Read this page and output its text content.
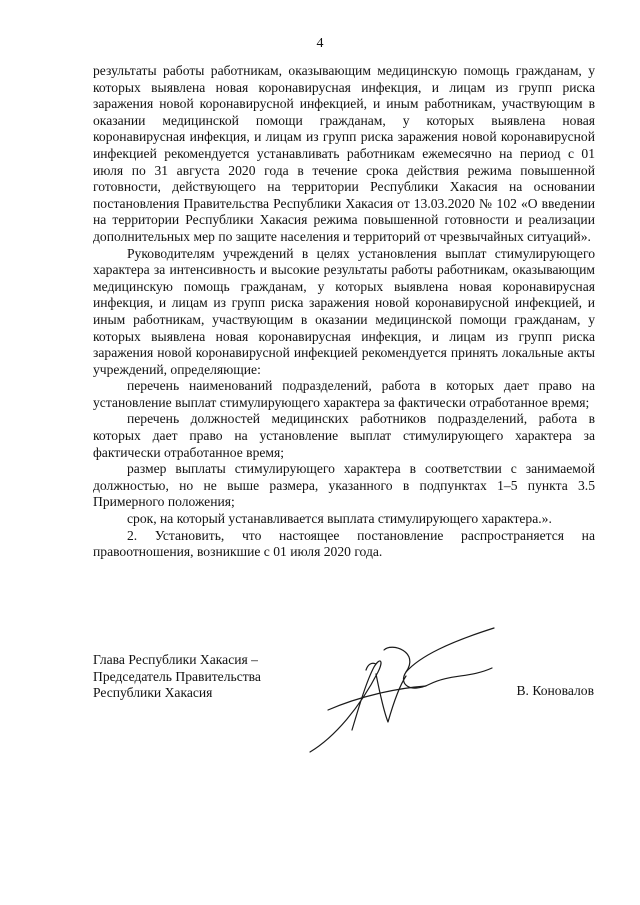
4

результаты работы работникам, оказывающим медицинскую помощь гражданам, у которых выявлена новая коронавирусная инфекция, и лицам из групп риска заражения новой коронавирусной инфекцией, и иным работникам, участвующим в оказании медицинской помощи гражданам, у которых выявлена новая коронавирусная инфекция, и лицам из групп риска заражения новой коронавирусной инфекцией рекомендуется устанавливать работникам ежемесячно на период с 01 июля по 31 августа 2020 года в течение срока действия режима повышенной готовности, действующего на территории Республики Хакасия на основании постановления Правительства Республики Хакасия от 13.03.2020 № 102 «О введении на территории Республики Хакасия режима повышенной готовности и реализации дополнительных мер по защите населения и территорий от чрезвычайных ситуаций».

Руководителям учреждений в целях установления выплат стимулирующего характера за интенсивность и высокие результаты работы работникам, оказывающим медицинскую помощь гражданам, у которых выявлена новая коронавирусная инфекция, и лицам из групп риска заражения новой коронавирусной инфекцией, и иным работникам, участвующим в оказании медицинской помощи гражданам, у которых выявлена новая коронавирусная инфекция, и лицам из групп риска заражения новой коронавирусной инфекцией рекомендуется принять локальные акты учреждений, определяющие:

перечень наименований подразделений, работа в которых дает право на установление выплат стимулирующего характера за фактически отработанное время;

перечень должностей медицинских работников подразделений, работа в которых дает право на установление выплат стимулирующего характера за фактически отработанное время;

размер выплаты стимулирующего характера в соответствии с занимаемой должностью, но не выше размера, указанного в подпунктах 1–5 пункта 3.5 Примерного положения;

срок, на который устанавливается выплата стимулирующего характера.».

2. Установить, что настоящее постановление распространяется на правоотношения, возникшие с 01 июля 2020 года.

Глава Республики Хакасия –
Председатель Правительства
Республики Хакасия	В. Коновалов
